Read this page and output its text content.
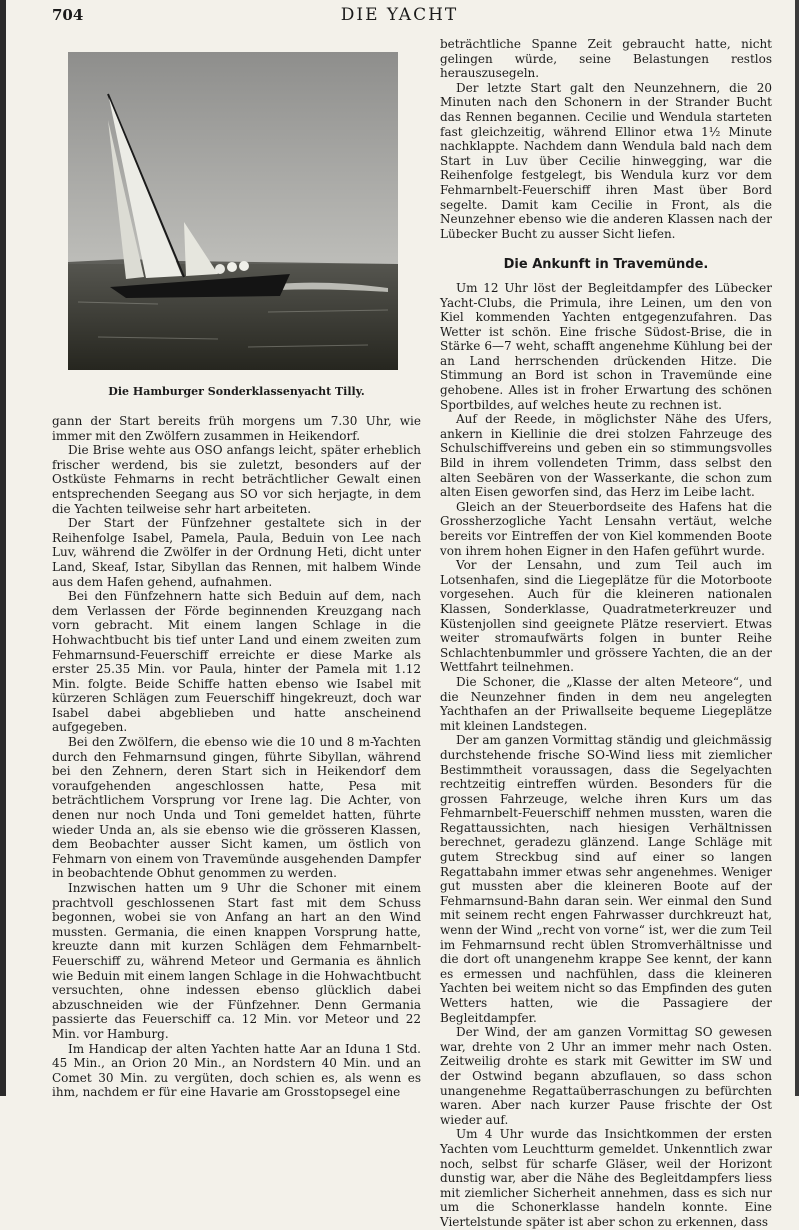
704	DIE YACHT
Die Hamburger Sonderklassenyacht Tilly.

gann der Start bereits früh morgens um 7.30 Uhr, wie immer mit den Zwölfern zusammen in Heikendorf.

Die Brise wehte aus OSO anfangs leicht, später erheblich frischer werdend, bis sie zuletzt, besonders auf der Ostküste Fehmarns in recht beträchtlicher Gewalt einen entsprechenden Seegang aus SO vor sich herjagte, in dem die Yachten teilweise sehr hart arbeiteten.

Der Start der Fünfzehner gestaltete sich in der Reihenfolge Isabel, Pamela, Paula, Beduin von Lee nach Luv, während die Zwölfer in der Ordnung Heti, dicht unter Land, Skeaf, Istar, Sibyllan das Rennen, mit halbem Winde aus dem Hafen gehend, aufnahmen.

Bei den Fünfzehnern hatte sich Beduin auf dem, nach dem Verlassen der Förde beginnenden Kreuzgang nach vorn gebracht. Mit einem langen Schlage in die Hohwachtbucht bis tief unter Land und einem zweiten zum Fehmarnsund-Feuerschiff erreichte er diese Marke als erster 25.35 Min. vor Paula, hinter der Pamela mit 1.12 Min. folgte. Beide Schiffe hatten ebenso wie Isabel mit kürzeren Schlägen zum Feuerschiff hingekreuzt, doch war Isabel dabei abgeblieben und hatte anscheinend aufgegeben.

Bei den Zwölfern, die ebenso wie die 10 und 8 m-Yachten durch den Fehmarnsund gingen, führte Sibyllan, während bei den Zehnern, deren Start sich in Heikendorf dem voraufgehenden angeschlossen hatte, Pesa mit beträchtlichem Vorsprung vor Irene lag. Die Achter, von denen nur noch Unda und Toni gemeldet hatten, führte wieder Unda an, als sie ebenso wie die grösseren Klassen, dem Beobachter ausser Sicht kamen, um östlich von Fehmarn von einem von Travemünde ausgehenden Dampfer in beobachtende Obhut genommen zu werden.

Inzwischen hatten um 9 Uhr die Schoner mit einem prachtvoll geschlossenen Start fast mit dem Schuss begonnen, wobei sie von Anfang an hart an den Wind mussten. Germania, die einen knappen Vorsprung hatte, kreuzte dann mit kurzen Schlägen dem Fehmarnbelt-Feuerschiff zu, während Meteor und Germania es ähnlich wie Beduin mit einem langen Schlage in die Hohwachtbucht versuchten, ohne indessen ebenso glücklich dabei abzuschneiden wie der Fünfzehner. Denn Germania passierte das Feuerschiff ca. 12 Min. vor Meteor und 22 Min. vor Hamburg.

Im Handicap der alten Yachten hatte Aar an Iduna 1 Std. 45 Min., an Orion 20 Min., an Nordstern 40 Min. und an Comet 30 Min. zu vergüten, doch schien es, als wenn es ihm, nachdem er für eine Havarie am Grosstopsegel eine

beträchtliche Spanne Zeit gebraucht hatte, nicht gelingen würde, seine Belastungen restlos herauszusegeln.

Der letzte Start galt den Neunzehnern, die 20 Minuten nach den Schonern in der Strander Bucht das Rennen begannen. Cecilie und Wendula starteten fast gleichzeitig, während Ellinor etwa 1½ Minute nachklappte. Nachdem dann Wendula bald nach dem Start in Luv über Cecilie hinwegging, war die Reihenfolge festgelegt, bis Wendula kurz vor dem Fehmarnbelt-Feuerschiff ihren Mast über Bord segelte. Damit kam Cecilie in Front, als die Neunzehner ebenso wie die anderen Klassen nach der Lübecker Bucht zu ausser Sicht liefen.

Die Ankunft in Travemünde.

Um 12 Uhr löst der Begleitdampfer des Lübecker Yacht-Clubs, die Primula, ihre Leinen, um den von Kiel kommenden Yachten entgegenzufahren. Das Wetter ist schön. Eine frische Südost-Brise, die in Stärke 6—7 weht, schafft angenehme Kühlung bei der an Land herrschenden drückenden Hitze. Die Stimmung an Bord ist schon in Travemünde eine gehobene. Alles ist in froher Erwartung des schönen Sportbildes, auf welches heute zu rechnen ist.

Auf der Reede, in möglichster Nähe des Ufers, ankern in Kiellinie die drei stolzen Fahrzeuge des Schulschiffvereins und geben ein so stimmungsvolles Bild in ihrem vollendeten Trimm, dass selbst den alten Seebären von der Wasserkante, die schon zum alten Eisen geworfen sind, das Herz im Leibe lacht.

Gleich an der Steuerbordseite des Hafens hat die Grossherzogliche Yacht Lensahn vertäut, welche bereits vor Eintreffen der von Kiel kommenden Boote von ihrem hohen Eigner in den Hafen geführt wurde.

Vor der Lensahn, und zum Teil auch im Lotsenhafen, sind die Liegeplätze für die Motorboote vorgesehen. Auch für die kleineren nationalen Klassen, Sonderklasse, Quadratmeterkreuzer und Küstenjollen sind geeignete Plätze reserviert. Etwas weiter stromaufwärts folgen in bunter Reihe Schlachtenbummler und grössere Yachten, die an der Wettfahrt teilnehmen.

Die Schoner, die „Klasse der alten Meteore“, und die Neunzehner finden in dem neu angelegten Yachthafen an der Priwallseite bequeme Liegeplätze mit kleinen Landstegen.

Der am ganzen Vormittag ständig und gleichmässig durchstehende frische SO-Wind liess mit ziemlicher Bestimmtheit voraussagen, dass die Segelyachten rechtzeitig eintreffen würden. Besonders für die grossen Fahrzeuge, welche ihren Kurs um das Fehmarnbelt-Feuerschiff nehmen mussten, waren die Regattaussichten, nach hiesigen Verhältnissen berechnet, geradezu glänzend. Lange Schläge mit gutem Streckbug sind auf einer so langen Regattabahn immer etwas sehr angenehmes. Weniger gut mussten aber die kleineren Boote auf der Fehmarnsund-Bahn daran sein. Wer einmal den Sund mit seinem recht engen Fahrwasser durchkreuzt hat, wenn der Wind „recht von vorne“ ist, wer die zum Teil im Fehmarnsund recht üblen Stromverhältnisse und die dort oft unangenehm krappe See kennt, der kann es ermessen und nachfühlen, dass die kleineren Yachten bei weitem nicht so das Empfinden des guten Wetters hatten, wie die Passagiere der Begleitdampfer.

Der Wind, der am ganzen Vormittag SO gewesen war, drehte von 2 Uhr an immer mehr nach Osten. Zeitweilig drohte es stark mit Gewitter im SW und der Ostwind begann abzuflauen, so dass schon unangenehme Regattaüberraschungen zu befürchten waren. Aber nach kurzer Pause frischte der Ost wieder auf.

Um 4 Uhr wurde das Insichtkommen der ersten Yachten vom Leuchtturm gemeldet. Unkenntlich zwar noch, selbst für scharfe Gläser, weil der Horizont dunstig war, aber die Nähe des Begleitdampfers liess mit ziemlicher Sicherheit annehmen, dass es sich nur um die Schonerklasse handeln konnte. Eine Viertelstunde später ist aber schon zu erkennen, dass
